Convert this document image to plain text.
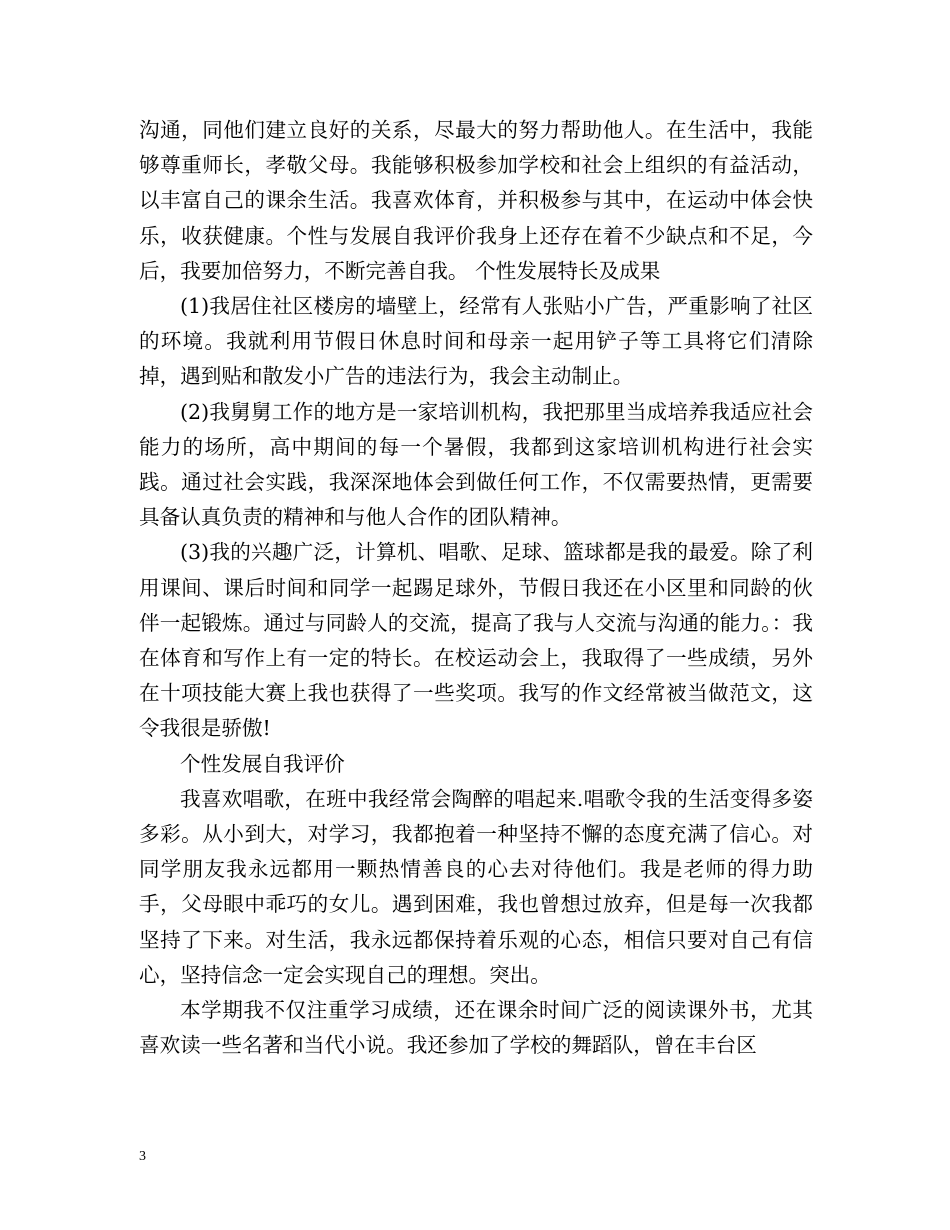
沟通，同他们建立良好的关系，尽最大的努力帮助他人。在生活中，我能够尊重师长，孝敬父母。我能够积极参加学校和社会上组织的有益活动，以丰富自己的课余生活。我喜欢体育，并积极参与其中，在运动中体会快乐，收获健康。个性与发展自我评价我身上还存在着不少缺点和不足，今后，我要加倍努力，不断完善自我。 个性发展特长及成果

(1)我居住社区楼房的墙壁上，经常有人张贴小广告，严重影响了社区的环境。我就利用节假日休息时间和母亲一起用铲子等工具将它们清除掉，遇到贴和散发小广告的违法行为，我会主动制止。

(2)我舅舅工作的地方是一家培训机构，我把那里当成培养我适应社会能力的场所，高中期间的每一个暑假，我都到这家培训机构进行社会实践。通过社会实践，我深深地体会到做任何工作，不仅需要热情，更需要具备认真负责的精神和与他人合作的团队精神。

(3)我的兴趣广泛，计算机、唱歌、足球、篮球都是我的最爱。除了利用课间、课后时间和同学一起踢足球外，节假日我还在小区里和同龄的伙伴一起锻炼。通过与同龄人的交流，提高了我与人交流与沟通的能力。：我在体育和写作上有一定的特长。在校运动会上，我取得了一些成绩，另外在十项技能大赛上我也获得了一些奖项。我写的作文经常被当做范文，这令我很是骄傲!

个性发展自我评价

我喜欢唱歌，在班中我经常会陶醉的唱起来.唱歌令我的生活变得多姿多彩。从小到大，对学习，我都抱着一种坚持不懈的态度充满了信心。对同学朋友我永远都用一颗热情善良的心去对待他们。我是老师的得力助手，父母眼中乖巧的女儿。遇到困难，我也曾想过放弃，但是每一次我都坚持了下来。对生活，我永远都保持着乐观的心态，相信只要对自己有信心，坚持信念一定会实现自己的理想。突出。

本学期我不仅注重学习成绩，还在课余时间广泛的阅读课外书，尤其喜欢读一些名著和当代小说。我还参加了学校的舞蹈队，曾在丰台区

3
